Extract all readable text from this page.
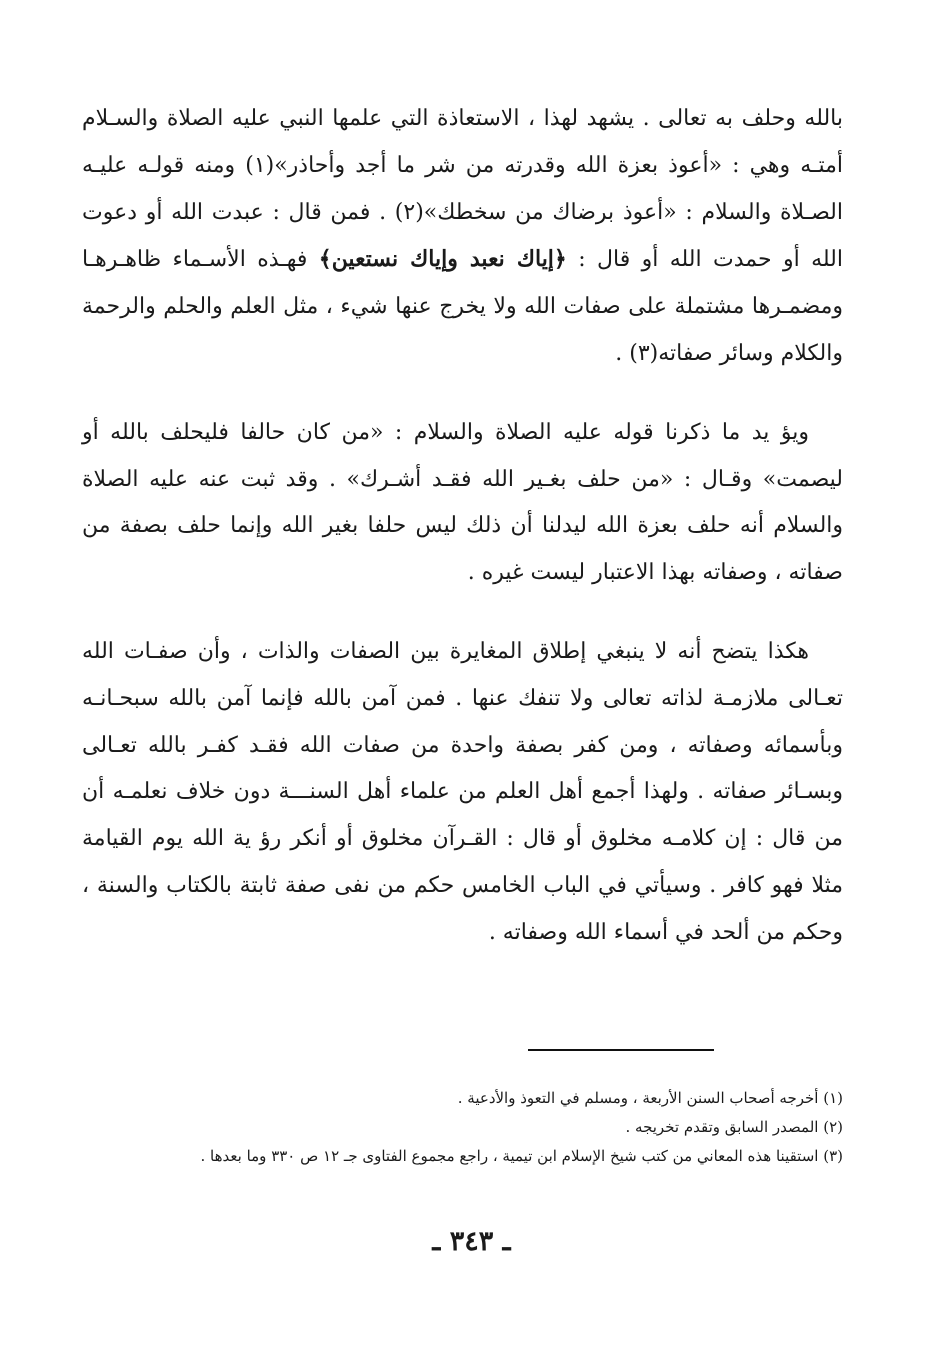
بالله وحلف به تعالى . يشهد لهذا ، الاستعاذة التي علمها النبي عليه الصلاة والسـلام أمتـه وهي : «أعوذ بعزة الله وقدرته من شر ما أجد وأحاذر»(١) ومنه قولـه عليـه الصـلاة والسلام : «أعوذ برضاك من سخطك»(٢) . فمن قال : عبدت الله أو دعوت الله أو حمدت الله أو قال : ﴿إياك نعبد وإياك نستعين﴾ فهـذه الأسـماء ظاهـرهـا ومضمـرها مشتملة على صفات الله ولا يخرج عنها شيء ، مثل العلم والحلم والرحمة والكلام وسائر صفاته(٣) .

ويؤ يد ما ذكرنا قوله عليه الصلاة والسلام : «من كان حالفا فليحلف بالله أو ليصمت» وقـال : «من حلف بغـير الله فقـد أشـرك» . وقد ثبت عنه عليه الصلاة والسلام أنه حلف بعزة الله ليدلنا أن ذلك ليس حلفا بغير الله وإنما حلف بصفة من صفاته ، وصفاته بهذا الاعتبار ليست غيره .

هكذا يتضح أنه لا ينبغي إطلاق المغايرة بين الصفات والذات ، وأن صفـات الله تعـالى ملازمـة لذاته تعالى ولا تنفك عنها . فمن آمن بالله فإنما آمن بالله سبحـانـه وبأسمائه وصفاته ، ومن كفر بصفة واحدة من صفات الله فقـد كفـر بالله تعـالى وبسـائر صفاته . ولهذا أجمع أهل العلم من علماء أهل السنـــة دون خلاف نعلمـه أن من قال : إن كلامـه مخلوق أو قال : القـرآن مخلوق أو أنكر رؤ ية الله يوم القيامة مثلا فهو كافر . وسيأتي في الباب الخامس حكم من نفى صفة ثابتة بالكتاب والسنة ، وحكم من ألحد في أسماء الله وصفاته .

(١) أخرجه أصحاب السنن الأربعة ، ومسلم في التعوذ والأدعية .

(٢) المصدر السابق وتقدم تخريجه .

(٣) استقينا هذه المعاني من كتب شيخ الإسلام ابن تيمية ، راجع مجموع الفتاوى جـ ١٢ ص ٣٣٠ وما بعدها .

ـ ٣٤٣ ـ
